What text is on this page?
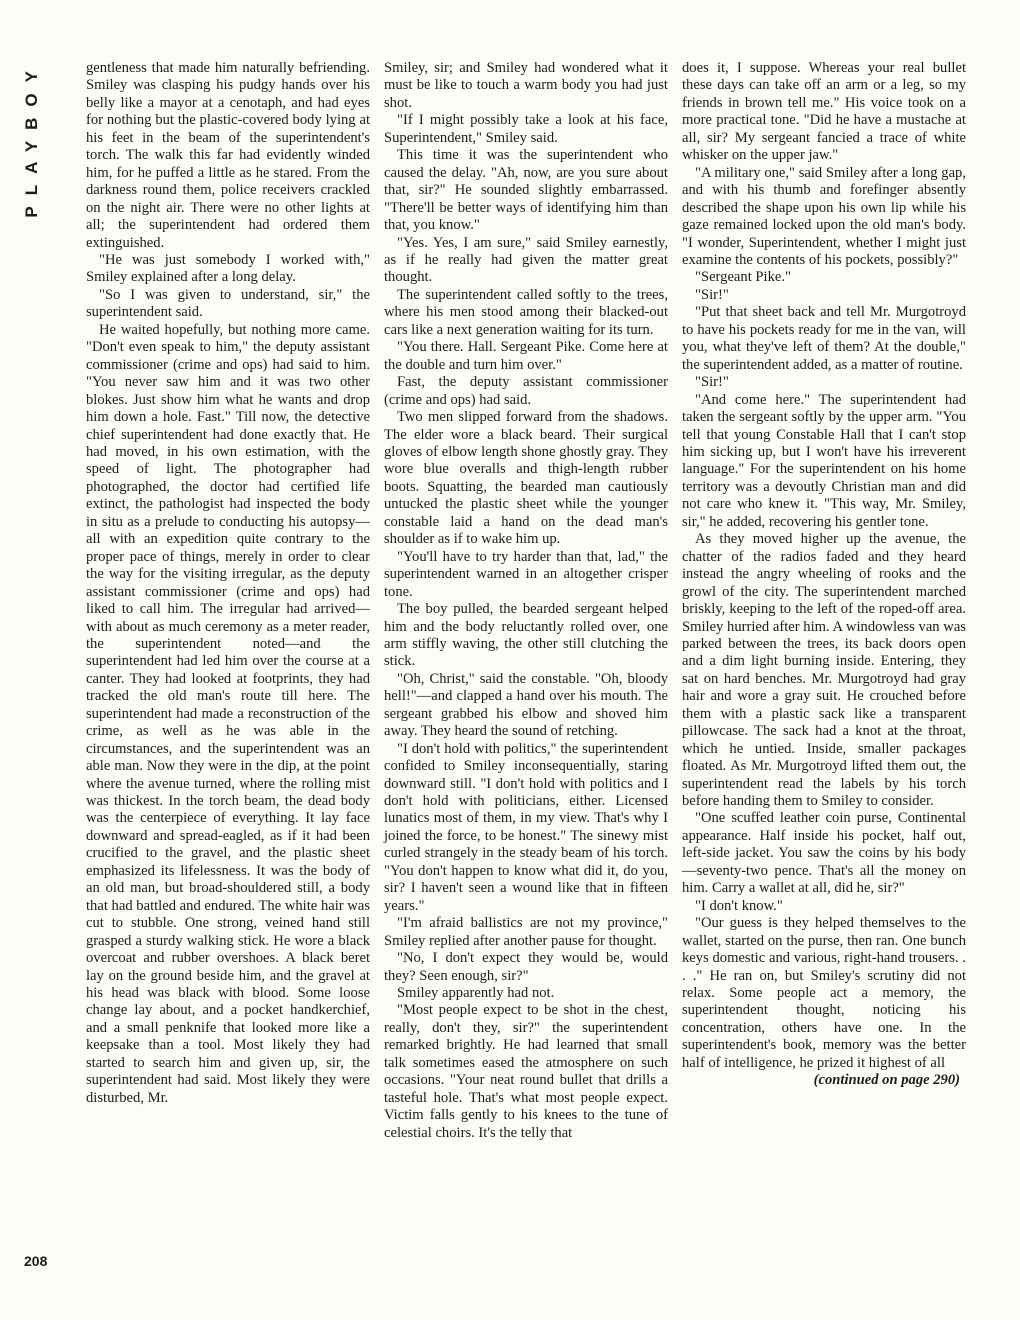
PLAYBOY
208

gentleness that made him naturally befriending. Smiley was clasping his pudgy hands over his belly like a mayor at a cenotaph, and had eyes for nothing but the plastic-covered body lying at his feet in the beam of the superintendent's torch. The walk this far had evidently winded him, for he puffed a little as he stared. From the darkness round them, police receivers crackled on the night air. There were no other lights at all; the superintendent had ordered them extinguished.

"He was just somebody I worked with," Smiley explained after a long delay.

"So I was given to understand, sir," the superintendent said.

He waited hopefully, but nothing more came. "Don't even speak to him," the deputy assistant commissioner (crime and ops) had said to him. "You never saw him and it was two other blokes. Just show him what he wants and drop him down a hole. Fast." Till now, the detective chief superintendent had done exactly that. He had moved, in his own estimation, with the speed of light. The photographer had photographed, the doctor had certified life extinct, the pathologist had inspected the body in situ as a prelude to conducting his autopsy—all with an expedition quite contrary to the proper pace of things, merely in order to clear the way for the visiting irregular, as the deputy assistant commissioner (crime and ops) had liked to call him. The irregular had arrived—with about as much ceremony as a meter reader, the superintendent noted—and the superintendent had led him over the course at a canter. They had looked at footprints, they had tracked the old man's route till here. The superintendent had made a reconstruction of the crime, as well as he was able in the circumstances, and the superintendent was an able man. Now they were in the dip, at the point where the avenue turned, where the rolling mist was thickest. In the torch beam, the dead body was the centerpiece of everything. It lay face downward and spread-eagled, as if it had been crucified to the gravel, and the plastic sheet emphasized its lifelessness. It was the body of an old man, but broad-shouldered still, a body that had battled and endured. The white hair was cut to stubble. One strong, veined hand still grasped a sturdy walking stick. He wore a black overcoat and rubber overshoes. A black beret lay on the ground beside him, and the gravel at his head was black with blood. Some loose change lay about, and a pocket handkerchief, and a small penknife that looked more like a keepsake than a tool. Most likely they had started to search him and given up, sir, the superintendent had said. Most likely they were disturbed, Mr.

Smiley, sir; and Smiley had wondered what it must be like to touch a warm body you had just shot.

"If I might possibly take a look at his face, Superintendent," Smiley said.

This time it was the superintendent who caused the delay. "Ah, now, are you sure about that, sir?" He sounded slightly embarrassed. "There'll be better ways of identifying him than that, you know."

"Yes. Yes, I am sure," said Smiley earnestly, as if he really had given the matter great thought.

The superintendent called softly to the trees, where his men stood among their blacked-out cars like a next generation waiting for its turn.

"You there. Hall. Sergeant Pike. Come here at the double and turn him over."

Fast, the deputy assistant commissioner (crime and ops) had said.

Two men slipped forward from the shadows. The elder wore a black beard. Their surgical gloves of elbow length shone ghostly gray. They wore blue overalls and thigh-length rubber boots. Squatting, the bearded man cautiously untucked the plastic sheet while the younger constable laid a hand on the dead man's shoulder as if to wake him up.

"You'll have to try harder than that, lad," the superintendent warned in an altogether crisper tone.

The boy pulled, the bearded sergeant helped him and the body reluctantly rolled over, one arm stiffly waving, the other still clutching the stick.

"Oh, Christ," said the constable. "Oh, bloody hell!"—and clapped a hand over his mouth. The sergeant grabbed his elbow and shoved him away. They heard the sound of retching.

"I don't hold with politics," the superintendent confided to Smiley inconsequentially, staring downward still. "I don't hold with politics and I don't hold with politicians, either. Licensed lunatics most of them, in my view. That's why I joined the force, to be honest." The sinewy mist curled strangely in the steady beam of his torch. "You don't happen to know what did it, do you, sir? I haven't seen a wound like that in fifteen years."

"I'm afraid ballistics are not my province," Smiley replied after another pause for thought.

"No, I don't expect they would be, would they? Seen enough, sir?"

Smiley apparently had not.

"Most people expect to be shot in the chest, really, don't they, sir?" the superintendent remarked brightly. He had learned that small talk sometimes eased the atmosphere on such occasions. "Your neat round bullet that drills a tasteful hole. That's what most people expect. Victim falls gently to his knees to the tune of celestial choirs. It's the telly that

does it, I suppose. Whereas your real bullet these days can take off an arm or a leg, so my friends in brown tell me." His voice took on a more practical tone. "Did he have a mustache at all, sir? My sergeant fancied a trace of white whisker on the upper jaw."

"A military one," said Smiley after a long gap, and with his thumb and forefinger absently described the shape upon his own lip while his gaze remained locked upon the old man's body. "I wonder, Superintendent, whether I might just examine the contents of his pockets, possibly?"

"Sergeant Pike."

"Sir!"

"Put that sheet back and tell Mr. Murgotroyd to have his pockets ready for me in the van, will you, what they've left of them? At the double," the superintendent added, as a matter of routine.

"Sir!"

"And come here." The superintendent had taken the sergeant softly by the upper arm. "You tell that young Constable Hall that I can't stop him sicking up, but I won't have his irreverent language." For the superintendent on his home territory was a devoutly Christian man and did not care who knew it. "This way, Mr. Smiley, sir," he added, recovering his gentler tone.

As they moved higher up the avenue, the chatter of the radios faded and they heard instead the angry wheeling of rooks and the growl of the city. The superintendent marched briskly, keeping to the left of the roped-off area. Smiley hurried after him. A windowless van was parked between the trees, its back doors open and a dim light burning inside. Entering, they sat on hard benches. Mr. Murgotroyd had gray hair and wore a gray suit. He crouched before them with a plastic sack like a transparent pillowcase. The sack had a knot at the throat, which he untied. Inside, smaller packages floated. As Mr. Murgotroyd lifted them out, the superintendent read the labels by his torch before handing them to Smiley to consider.

"One scuffed leather coin purse, Continental appearance. Half inside his pocket, half out, left-side jacket. You saw the coins by his body—seventy-two pence. That's all the money on him. Carry a wallet at all, did he, sir?"

"I don't know."

"Our guess is they helped themselves to the wallet, started on the purse, then ran. One bunch keys domestic and various, right-hand trousers. . . ." He ran on, but Smiley's scrutiny did not relax. Some people act a memory, the superintendent thought, noticing his concentration, others have one. In the superintendent's book, memory was the better half of intelligence, he prized it highest of all

(continued on page 290)
